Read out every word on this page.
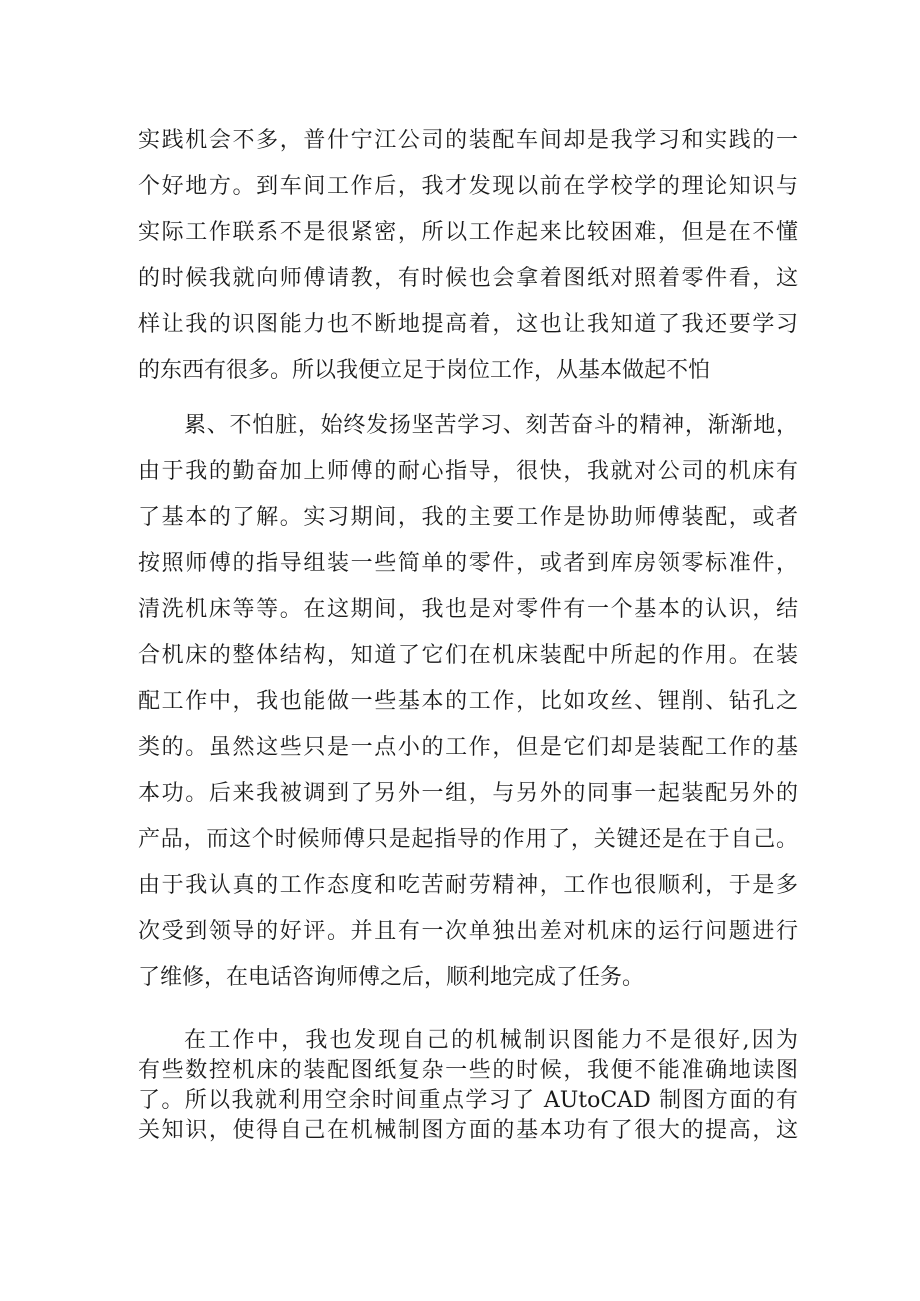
实践机会不多，普什宁江公司的装配车间却是我学习和实践的一
个好地方。到车间工作后，我才发现以前在学校学的理论知识与
实际工作联系不是很紧密，所以工作起来比较困难，但是在不懂
的时候我就向师傅请教，有时候也会拿着图纸对照着零件看，这
样让我的识图能力也不断地提高着，这也让我知道了我还要学习
的东西有很多。所以我便立足于岗位工作，从基本做起不怕
累、不怕脏，始终发扬坚苦学习、刻苦奋斗的精神，渐渐地，
由于我的勤奋加上师傅的耐心指导，很快，我就对公司的机床有
了基本的了解。实习期间，我的主要工作是协助师傅装配，或者
按照师傅的指导组装一些简单的零件，或者到库房领零标准件，
清洗机床等等。在这期间，我也是对零件有一个基本的认识，结
合机床的整体结构，知道了它们在机床装配中所起的作用。在装
配工作中，我也能做一些基本的工作，比如攻丝、锂削、钻孔之
类的。虽然这些只是一点小的工作，但是它们却是装配工作的基
本功。后来我被调到了另外一组，与另外的同事一起装配另外的
产品，而这个时候师傅只是起指导的作用了，关键还是在于自己。
由于我认真的工作态度和吃苦耐劳精神，工作也很顺利，于是多
次受到领导的好评。并且有一次单独出差对机床的运行问题进行
了维修，在电话咨询师傅之后，顺利地完成了任务。
在工作中，我也发现自己的机械制识图能力不是很好,因为
有些数控机床的装配图纸复杂一些的时候，我便不能准确地读图
了。所以我就利用空余时间重点学习了 AUtoCAD 制图方面的有
关知识，使得自己在机械制图方面的基本功有了很大的提高，这
